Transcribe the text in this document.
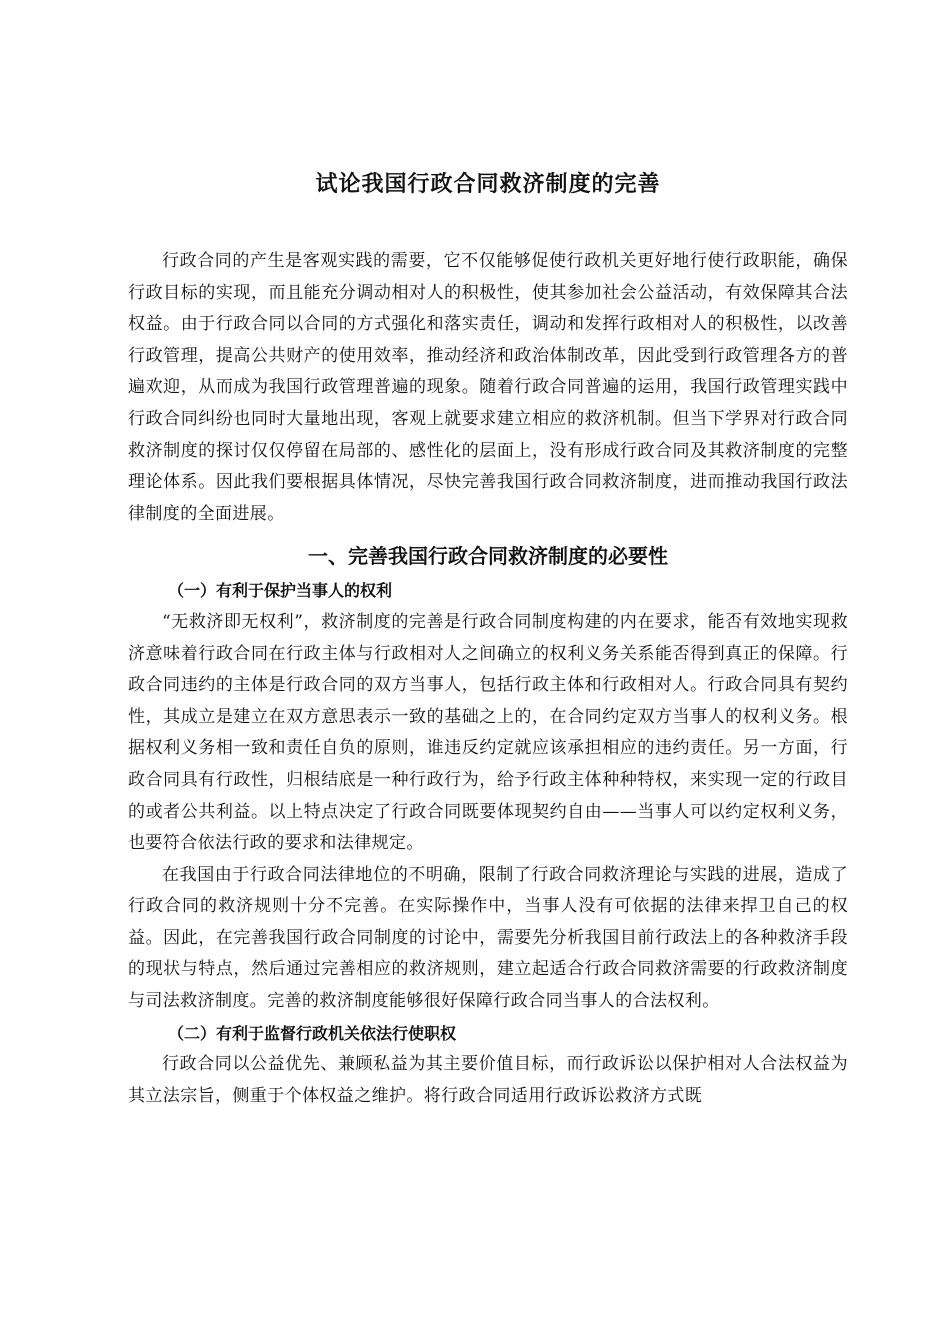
试论我国行政合同救济制度的完善

行政合同的产生是客观实践的需要，它不仅能够促使行政机关更好地行使行政职能，确保行政目标的实现，而且能充分调动相对人的积极性，使其参加社会公益活动，有效保障其合法权益。由于行政合同以合同的方式强化和落实责任，调动和发挥行政相对人的积极性，以改善行政管理，提高公共财产的使用效率，推动经济和政治体制改革，因此受到行政管理各方的普遍欢迎，从而成为我国行政管理普遍的现象。随着行政合同普遍的运用，我国行政管理实践中行政合同纠纷也同时大量地出现，客观上就要求建立相应的救济机制。但当下学界对行政合同救济制度的探讨仅仅停留在局部的、感性化的层面上，没有形成行政合同及其救济制度的完整理论体系。因此我们要根据具体情况，尽快完善我国行政合同救济制度，进而推动我国行政法律制度的全面进展。

一、完善我国行政合同救济制度的必要性
（一）有利于保护当事人的权利

“无救济即无权利”，救济制度的完善是行政合同制度构建的内在要求，能否有效地实现救济意味着行政合同在行政主体与行政相对人之间确立的权利义务关系能否得到真正的保障。行政合同违约的主体是行政合同的双方当事人，包括行政主体和行政相对人。行政合同具有契约性，其成立是建立在双方意思表示一致的基础之上的，在合同约定双方当事人的权利义务。根据权利义务相一致和责任自负的原则，谁违反约定就应该承担相应的违约责任。另一方面，行政合同具有行政性，归根结底是一种行政行为，给予行政主体种种特权，来实现一定的行政目的或者公共利益。以上特点决定了行政合同既要体现契约自由——当事人可以约定权利义务，也要符合依法行政的要求和法律规定。

在我国由于行政合同法律地位的不明确，限制了行政合同救济理论与实践的进展，造成了行政合同的救济规则十分不完善。在实际操作中，当事人没有可依据的法律来捍卫自己的权益。因此，在完善我国行政合同制度的讨论中，需要先分析我国目前行政法上的各种救济手段的现状与特点，然后通过完善相应的救济规则，建立起适合行政合同救济需要的行政救济制度与司法救济制度。完善的救济制度能够很好保障行政合同当事人的合法权利。

（二）有利于监督行政机关依法行使职权

行政合同以公益优先、兼顾私益为其主要价值目标，而行政诉讼以保护相对人合法权益为其立法宗旨，侧重于个体权益之维护。将行政合同适用行政诉讼救济方式既
